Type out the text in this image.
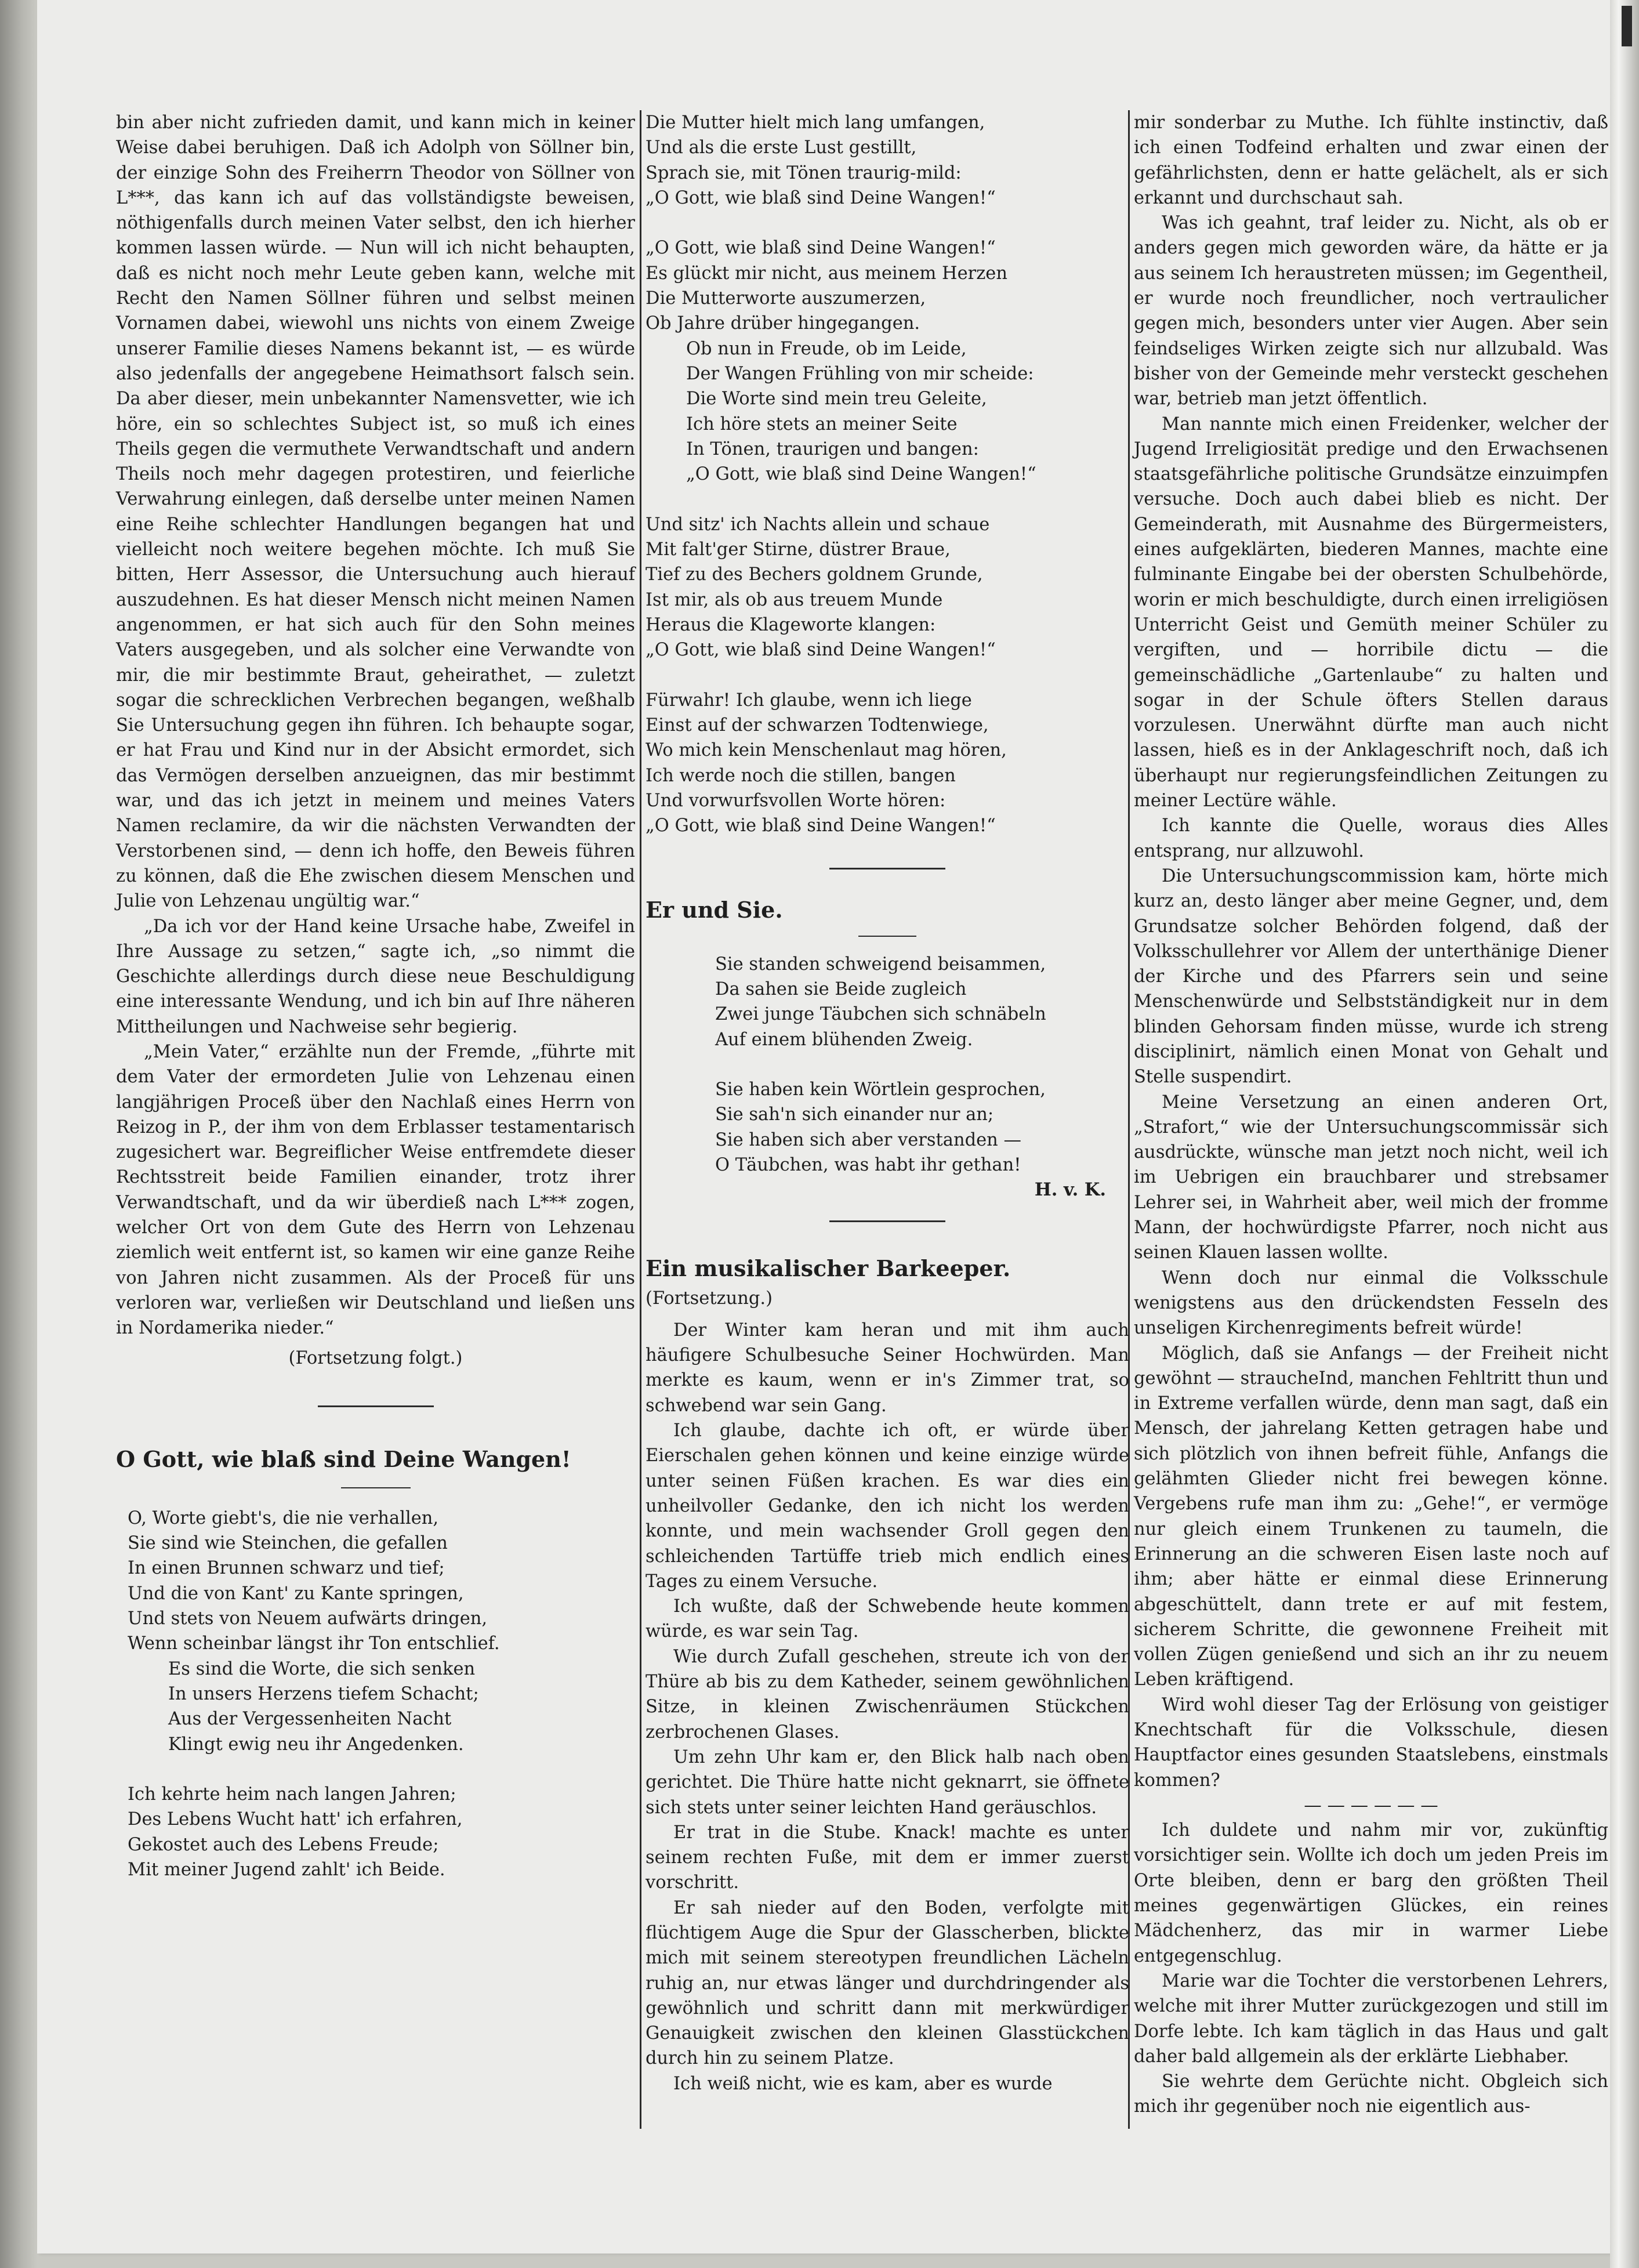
bin aber nicht zufrieden damit, und kann mich in keiner Weise dabei beruhigen. Daß ich Adolph von Söllner bin, der einzige Sohn des Freiherrn Theodor von Söllner von L***, das kann ich auf das vollständigste beweisen, nöthigenfalls durch meinen Vater selbst, den ich hierher kommen lassen würde. — Nun will ich nicht behaupten, daß es nicht noch mehr Leute geben kann, welche mit Recht den Namen Söllner führen und selbst meinen Vornamen dabei, wiewohl uns nichts von einem Zweige unserer Familie dieses Namens bekannt ist, — es würde also jedenfalls der angegebene Heimathsort falsch sein. Da aber dieser, mein unbekannter Namensvetter, wie ich höre, ein so schlechtes Subject ist, so muß ich eines Theils gegen die vermuthete Verwandtschaft und andern Theils noch mehr dagegen protestiren, und feierliche Verwahrung einlegen, daß derselbe unter meinen Namen eine Reihe schlechter Handlungen begangen hat und vielleicht noch weitere begehen möchte. Ich muß Sie bitten, Herr Assessor, die Untersuchung auch hierauf auszudehnen. Es hat dieser Mensch nicht meinen Namen angenommen, er hat sich auch für den Sohn meines Vaters ausgegeben, und als solcher eine Verwandte von mir, die mir bestimmte Braut, geheirathet, — zuletzt sogar die schrecklichen Verbrechen begangen, weßhalb Sie Untersuchung gegen ihn führen. Ich behaupte sogar, er hat Frau und Kind nur in der Absicht ermordet, sich das Vermögen derselben anzueignen, das mir bestimmt war, und das ich jetzt in meinem und meines Vaters Namen reclamire, da wir die nächsten Verwandten der Verstorbenen sind, — denn ich hoffe, den Beweis führen zu können, daß die Ehe zwischen diesem Menschen und Julie von Lehzenau ungültig war.“

„Da ich vor der Hand keine Ursache habe, Zweifel in Ihre Aussage zu setzen,“ sagte ich, „so nimmt die Geschichte allerdings durch diese neue Beschuldigung eine interessante Wendung, und ich bin auf Ihre näheren Mittheilungen und Nachweise sehr begierig.

„Mein Vater,“ erzählte nun der Fremde, „führte mit dem Vater der ermordeten Julie von Lehzenau einen langjährigen Proceß über den Nachlaß eines Herrn von Reizog in P., der ihm von dem Erblasser testamentarisch zugesichert war. Begreiflicher Weise entfremdete dieser Rechtsstreit beide Familien einander, trotz ihrer Verwandtschaft, und da wir überdieß nach L*** zogen, welcher Ort von dem Gute des Herrn von Lehzenau ziemlich weit entfernt ist, so kamen wir eine ganze Reihe von Jahren nicht zusammen. Als der Proceß für uns verloren war, verließen wir Deutschland und ließen uns in Nordamerika nieder.“

(Fortsetzung folgt.)

O Gott, wie blaß sind Deine Wangen!

O, Worte giebt's, die nie verhallen,

Sie sind wie Steinchen, die gefallen

In einen Brunnen schwarz und tief;

Und die von Kant' zu Kante springen,

Und stets von Neuem aufwärts dringen,

Wenn scheinbar längst ihr Ton entschlief.

Es sind die Worte, die sich senken

In unsers Herzens tiefem Schacht;

Aus der Vergessenheiten Nacht

Klingt ewig neu ihr Angedenken.

Ich kehrte heim nach langen Jahren;

Des Lebens Wucht hatt' ich erfahren,

Gekostet auch des Lebens Freude;

Mit meiner Jugend zahlt' ich Beide.

Die Mutter hielt mich lang umfangen,

Und als die erste Lust gestillt,

Sprach sie, mit Tönen traurig-mild:

„O Gott, wie blaß sind Deine Wangen!“

„O Gott, wie blaß sind Deine Wangen!“

Es glückt mir nicht, aus meinem Herzen

Die Mutterworte auszumerzen,

Ob Jahre drüber hingegangen.

Ob nun in Freude, ob im Leide,

Der Wangen Frühling von mir scheide:

Die Worte sind mein treu Geleite,

Ich höre stets an meiner Seite

In Tönen, traurigen und bangen:

„O Gott, wie blaß sind Deine Wangen!“

Und sitz' ich Nachts allein und schaue

Mit falt'ger Stirne, düstrer Braue,

Tief zu des Bechers goldnem Grunde,

Ist mir, als ob aus treuem Munde

Heraus die Klageworte klangen:

„O Gott, wie blaß sind Deine Wangen!“

Fürwahr! Ich glaube, wenn ich liege

Einst auf der schwarzen Todtenwiege,

Wo mich kein Menschenlaut mag hören,

Ich werde noch die stillen, bangen

Und vorwurfsvollen Worte hören:

„O Gott, wie blaß sind Deine Wangen!“

Er und Sie.

Sie standen schweigend beisammen,

Da sahen sie Beide zugleich

Zwei junge Täubchen sich schnäbeln

Auf einem blühenden Zweig.

Sie haben kein Wörtlein gesprochen,

Sie sah'n sich einander nur an;

Sie haben sich aber verstanden —

O Täubchen, was habt ihr gethan!

H. v. K.

Ein musikalischer Barkeeper.

(Fortsetzung.)

Der Winter kam heran und mit ihm auch häufigere Schulbesuche Seiner Hochwürden. Man merkte es kaum, wenn er in's Zimmer trat, so schwebend war sein Gang.

Ich glaube, dachte ich oft, er würde über Eierschalen gehen können und keine einzige würde unter seinen Füßen krachen. Es war dies ein unheilvoller Gedanke, den ich nicht los werden konnte, und mein wachsender Groll gegen den schleichenden Tartüffe trieb mich endlich eines Tages zu einem Versuche.

Ich wußte, daß der Schwebende heute kommen würde, es war sein Tag.

Wie durch Zufall geschehen, streute ich von der Thüre ab bis zu dem Katheder, seinem gewöhnlichen Sitze, in kleinen Zwischenräumen Stückchen zerbrochenen Glases.

Um zehn Uhr kam er, den Blick halb nach oben gerichtet. Die Thüre hatte nicht geknarrt, sie öffnete sich stets unter seiner leichten Hand geräuschlos.

Er trat in die Stube. Knack! machte es unter seinem rechten Fuße, mit dem er immer zuerst vorschritt.

Er sah nieder auf den Boden, verfolgte mit flüchtigem Auge die Spur der Glasscherben, blickte mich mit seinem stereotypen freundlichen Lächeln ruhig an, nur etwas länger und durchdringender als gewöhnlich und schritt dann mit merkwürdiger Genauigkeit zwischen den kleinen Glasstückchen durch hin zu seinem Platze.

Ich weiß nicht, wie es kam, aber es wurde

mir sonderbar zu Muthe. Ich fühlte instinctiv, daß ich einen Todfeind erhalten und zwar einen der gefährlichsten, denn er hatte gelächelt, als er sich erkannt und durchschaut sah.

Was ich geahnt, traf leider zu. Nicht, als ob er anders gegen mich geworden wäre, da hätte er ja aus seinem Ich heraustreten müssen; im Gegentheil, er wurde noch freundlicher, noch vertraulicher gegen mich, besonders unter vier Augen. Aber sein feindseliges Wirken zeigte sich nur allzubald. Was bisher von der Gemeinde mehr versteckt geschehen war, betrieb man jetzt öffentlich.

Man nannte mich einen Freidenker, welcher der Jugend Irreligiosität predige und den Erwachsenen staatsgefährliche politische Grundsätze einzuimpfen versuche. Doch auch dabei blieb es nicht. Der Gemeinderath, mit Ausnahme des Bürgermeisters, eines aufgeklärten, biederen Mannes, machte eine fulminante Eingabe bei der obersten Schulbehörde, worin er mich beschuldigte, durch einen irreligiösen Unterricht Geist und Gemüth meiner Schüler zu vergiften, und — horribile dictu — die gemeinschädliche „Gartenlaube“ zu halten und sogar in der Schule öfters Stellen daraus vorzulesen. Unerwähnt dürfte man auch nicht lassen, hieß es in der Anklageschrift noch, daß ich überhaupt nur regierungsfeindlichen Zeitungen zu meiner Lectüre wähle.

Ich kannte die Quelle, woraus dies Alles entsprang, nur allzuwohl.

Die Untersuchungscommission kam, hörte mich kurz an, desto länger aber meine Gegner, und, dem Grundsatze solcher Behörden folgend, daß der Volksschullehrer vor Allem der unterthänige Diener der Kirche und des Pfarrers sein und seine Menschenwürde und Selbstständigkeit nur in dem blinden Gehorsam finden müsse, wurde ich streng disciplinirt, nämlich einen Monat von Gehalt und Stelle suspendirt.

Meine Versetzung an einen anderen Ort, „Strafort,“ wie der Untersuchungscommissär sich ausdrückte, wünsche man jetzt noch nicht, weil ich im Uebrigen ein brauchbarer und strebsamer Lehrer sei, in Wahrheit aber, weil mich der fromme Mann, der hochwürdigste Pfarrer, noch nicht aus seinen Klauen lassen wollte.

Wenn doch nur einmal die Volksschule wenigstens aus den drückendsten Fesseln des unseligen Kirchenregiments befreit würde!

Möglich, daß sie Anfangs — der Freiheit nicht gewöhnt — straucheInd, manchen Fehltritt thun und in Extreme verfallen würde, denn man sagt, daß ein Mensch, der jahrelang Ketten getragen habe und sich plötzlich von ihnen befreit fühle, Anfangs die gelähmten Glieder nicht frei bewegen könne. Vergebens rufe man ihm zu: „Gehe!“, er vermöge nur gleich einem Trunkenen zu taumeln, die Erinnerung an die schweren Eisen laste noch auf ihm; aber hätte er einmal diese Erinnerung abgeschüttelt, dann trete er auf mit festem, sicherem Schritte, die gewonnene Freiheit mit vollen Zügen genießend und sich an ihr zu neuem Leben kräftigend.

Wird wohl dieser Tag der Erlösung von geistiger Knechtschaft für die Volksschule, diesen Hauptfactor eines gesunden Staatslebens, einstmals kommen?

— — — — — —

Ich duldete und nahm mir vor, zukünftig vorsichtiger sein. Wollte ich doch um jeden Preis im Orte bleiben, denn er barg den größten Theil meines gegenwärtigen Glückes, ein reines Mädchenherz, das mir in warmer Liebe entgegenschlug.

Marie war die Tochter die verstorbenen Lehrers, welche mit ihrer Mutter zurückgezogen und still im Dorfe lebte. Ich kam täglich in das Haus und galt daher bald allgemein als der erklärte Liebhaber.

Sie wehrte dem Gerüchte nicht. Obgleich sich mich ihr gegenüber noch nie eigentlich aus-
